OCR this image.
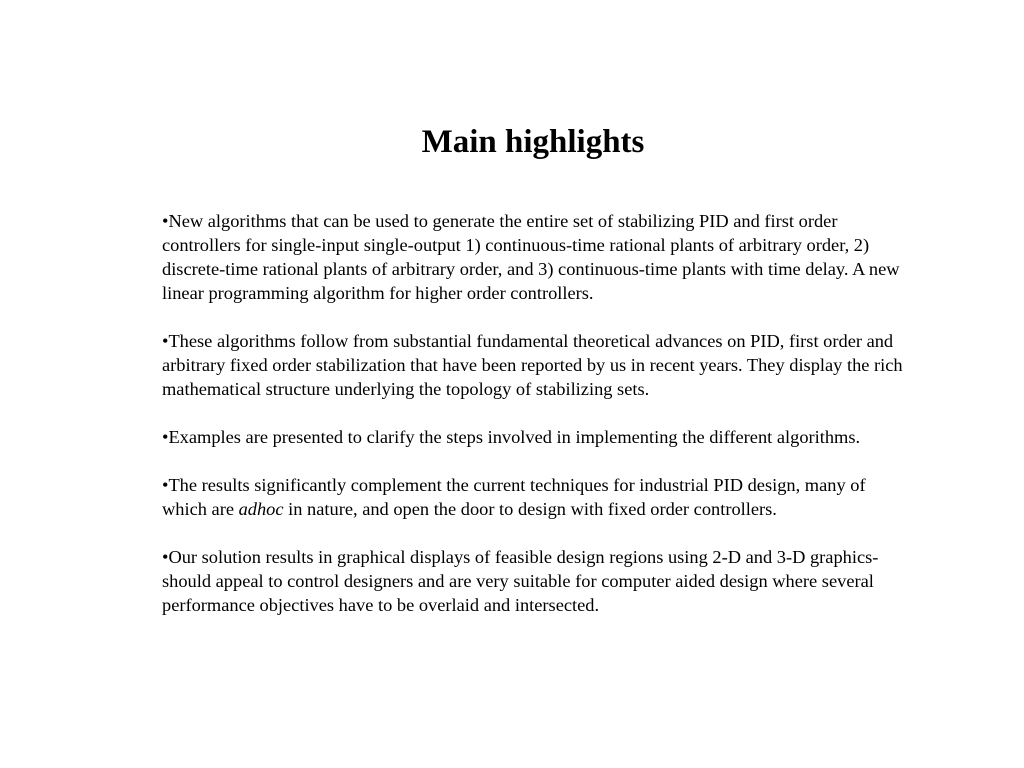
Main highlights

•New algorithms that can be used to generate the entire set of stabilizing PID and first order controllers for single-input single-output 1) continuous-time rational plants of arbitrary order, 2) discrete-time rational plants of arbitrary order, and 3) continuous-time plants with time delay. A new linear programming algorithm for higher order controllers.

•These algorithms follow from substantial fundamental theoretical advances on PID, first order and arbitrary fixed order stabilization that have been reported by us in recent years. They display the rich mathematical structure underlying the topology of stabilizing sets.

•Examples are presented to clarify the steps involved in implementing the different algorithms.

•The results significantly complement the current techniques for industrial PID design, many of which are adhoc in nature, and open the door to design with fixed order controllers.

•Our solution results in graphical displays of feasible design regions using 2-D and 3-D graphics-should appeal to control designers and are very suitable for computer aided design where several performance objectives have to be overlaid and intersected.
